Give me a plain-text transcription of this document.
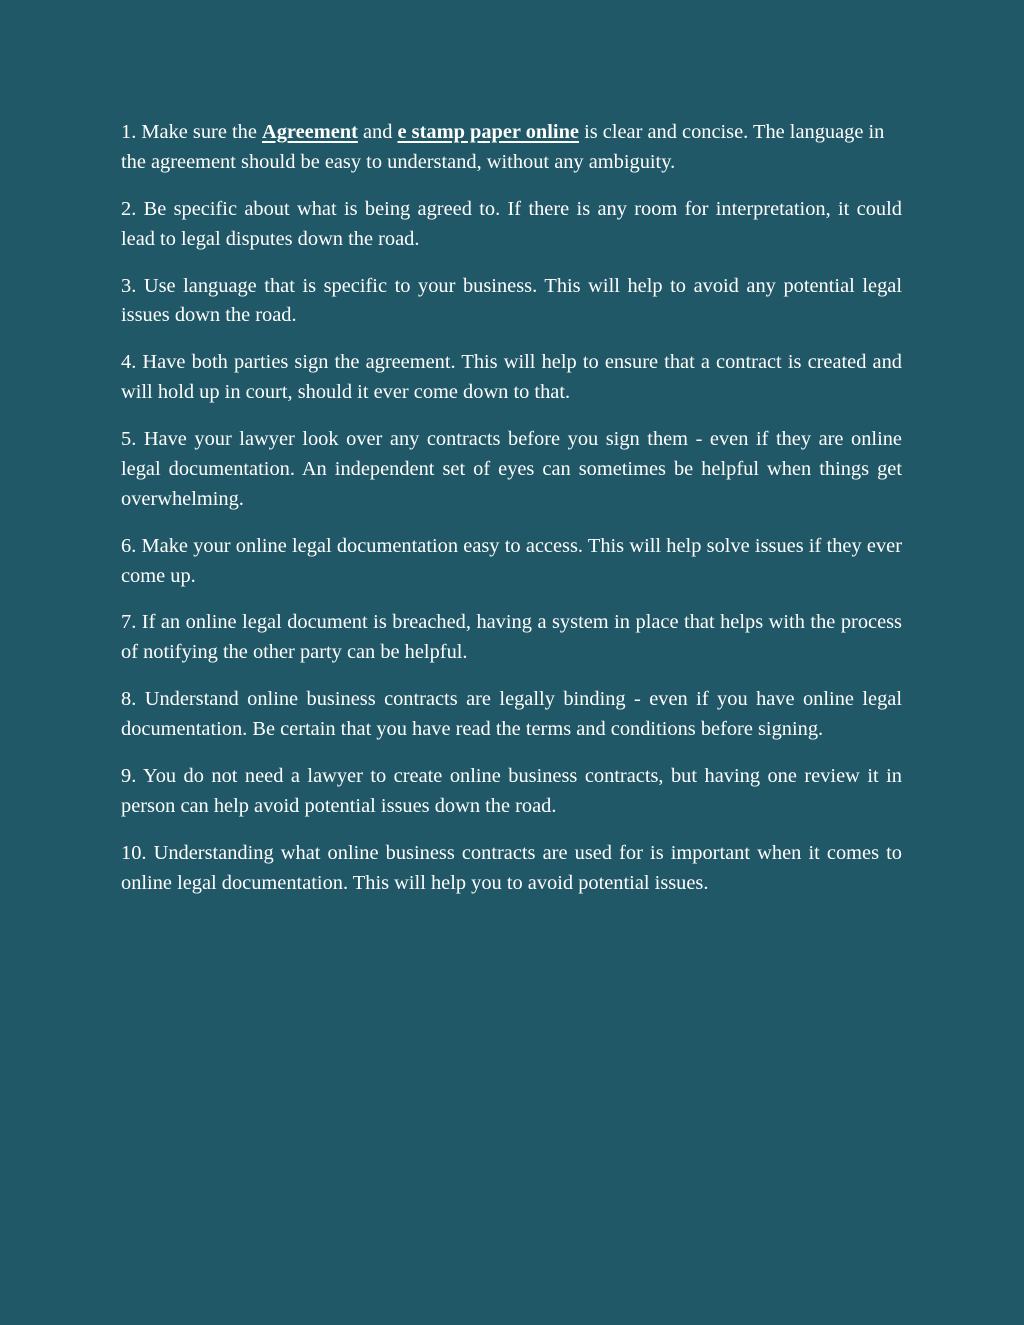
1. Make sure the Agreement and e stamp paper online is clear and concise. The language in the agreement should be easy to understand, without any ambiguity.

2. Be specific about what is being agreed to. If there is any room for interpretation, it could lead to legal disputes down the road.

3. Use language that is specific to your business. This will help to avoid any potential legal issues down the road.

4. Have both parties sign the agreement. This will help to ensure that a contract is created and will hold up in court, should it ever come down to that.

5. Have your lawyer look over any contracts before you sign them - even if they are online legal documentation. An independent set of eyes can sometimes be helpful when things get overwhelming.

6. Make your online legal documentation easy to access. This will help solve issues if they ever come up.

7. If an online legal document is breached, having a system in place that helps with the process of notifying the other party can be helpful.

8. Understand online business contracts are legally binding - even if you have online legal documentation. Be certain that you have read the terms and conditions before signing.

9. You do not need a lawyer to create online business contracts, but having one review it in person can help avoid potential issues down the road.

10. Understanding what online business contracts are used for is important when it comes to online legal documentation. This will help you to avoid potential issues.
